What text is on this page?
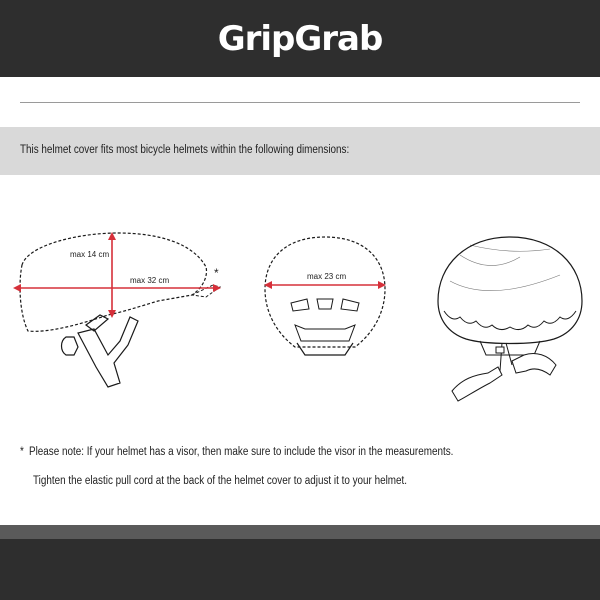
GripGrab
This helmet cover fits most bicycle helmets within the following dimensions:
max 14 cm
max 32 cm
*	max 23 cm
* Please note: If your helmet has a visor, then make sure to include the visor in the measurements.
Tighten the elastic pull cord at the back of the helmet cover to adjust it to your helmet.
